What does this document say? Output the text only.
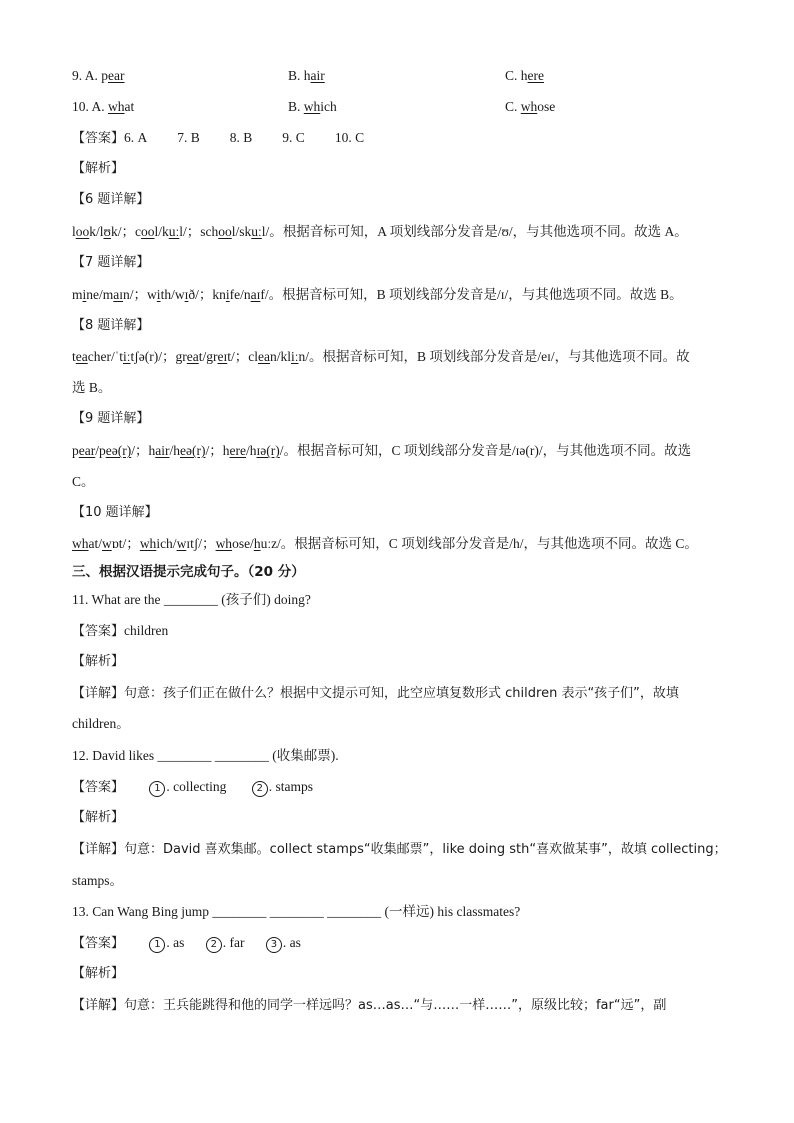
9. A. pear	B. hair	C. here
10. A. what	B. which	C. whose
【答案】6. A 7. B 8. B 9. C 10. C
【解析】
【6 题详解】
look/lʊk/；cool/kuːl/；school/skuːl/。根据音标可知，A 项划线部分发音是/ʊ/，与其他选项不同。故选 A。
【7 题详解】
mine/maɪn/；with/wɪð/；knife/naɪf/。根据音标可知，B 项划线部分发音是/ɪ/，与其他选项不同。故选 B。
【8 题详解】
teacher/ˈtiːtʃə(r)/；great/greɪt/；clean/kliːn/。根据音标可知，B 项划线部分发音是/eɪ/，与其他选项不同。故
选 B。
【9 题详解】
pear/peə(r)/；hair/heə(r)/；here/hɪə(r)/。根据音标可知，C 项划线部分发音是/ɪə(r)/，与其他选项不同。故选
C。
【10 题详解】
what/wɒt/；which/wɪtʃ/；whose/huːz/。根据音标可知，C 项划线部分发音是/h/，与其他选项不同。故选 C。
三、根据汉语提示完成句子。（20 分）
11. What are the ________ (孩子们) doing?
【答案】children
【解析】
【详解】句意：孩子们正在做什么？根据中文提示可知，此空应填复数形式 children 表示“孩子们”，故填
children。
12. David likes ________ ________ (收集邮票).
【答案】	1 . collecting	2 . stamps
【解析】
【详解】句意：David 喜欢集邮。collect stamps“收集邮票”，like doing sth“喜欢做某事”，故填 collecting；
stamps。
13. Can Wang Bing jump ________ ________ ________ (一样远) his classmates?
【答案】	1 . as	2 . far	3 . as
【解析】
【详解】句意：王兵能跳得和他的同学一样远吗？as…as…“与……一样……”，原级比较；far“远”，副
